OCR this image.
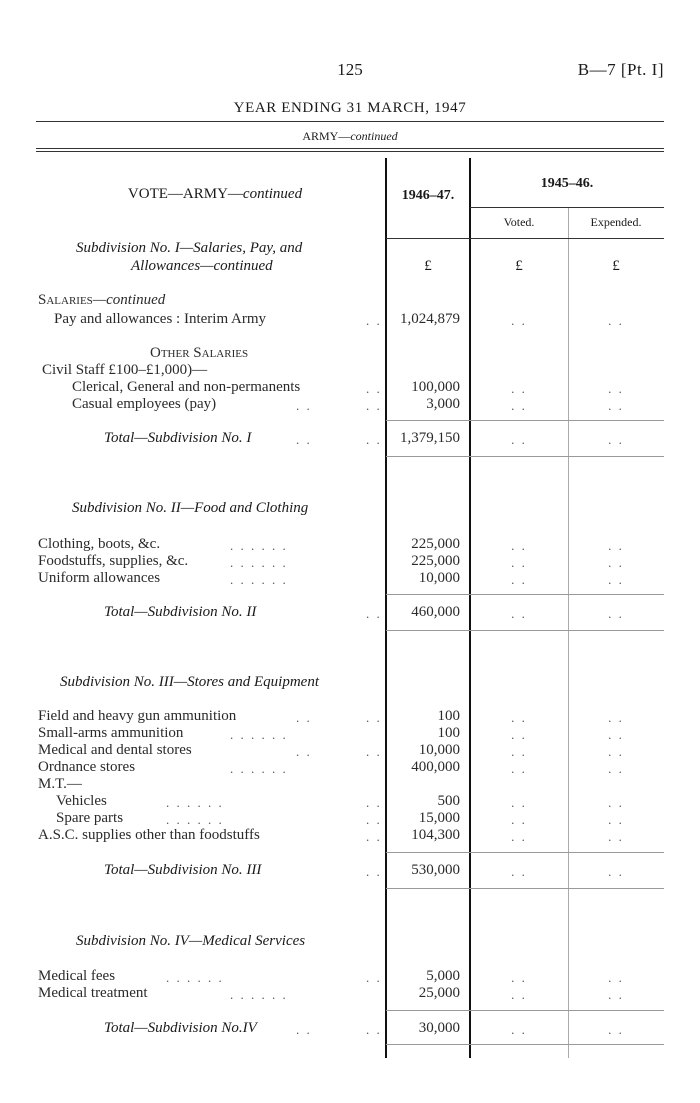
125	B—7 [Pt. I]
YEAR ENDING 31 MARCH, 1947
ARMY—continued
VOTE—ARMY—continued	1946–47.
1945–46.
Voted.	Expended.
Subdivision No. I—Salaries, Pay, and
Allowances—continued	£	£	£
Salaries—continued
Pay and allowances : Interim Army	. . 1,024,879	. .	. .
Other Salaries
Civil Staff £100–£1,000)—
Clerical, General and non-permanents	. . 100,000	. .	. .
Casual employees (pay)	. .	. .	3,000	. .	. .
Total—Subdivision No. I	. .	. . 1,379,150	. .	. .
Subdivision No. II—Food and Clothing
Clothing, boots, &c.	. . . . . .	225,000	. .	. .
Foodstuffs, supplies, &c.	. . . . . .	225,000	. .	. .
Uniform allowances	. . . . . .	10,000	. .	. .
Total—Subdivision No. II	. . 460,000	. .	. .
Subdivision No. III—Stores and Equipment
Field and heavy gun ammunition	. .	. .	100	. .	. .
Small-arms ammunition	. . . . . .	100	. .	. .
Medical and dental stores	. .	. . 10,000	. .	. .
Ordnance stores	. . . . . .	400,000	. .	. .
M.T.—
Vehicles	. . . . . .	. .	500	. .	. .
Spare parts	. . . . . .	. . 15,000	. .	. .
A.S.C. supplies other than foodstuffs	. . 104,300	. .	. .
Total—Subdivision No. III	. . 530,000	. .	. .
Subdivision No. IV—Medical Services
Medical fees	. . . . . .	. .	5,000	. .	. .
Medical treatment	. . . . . .	25,000	. .	. .
Total—Subdivision No.IV	. .	. . 30,000	. .	. .
